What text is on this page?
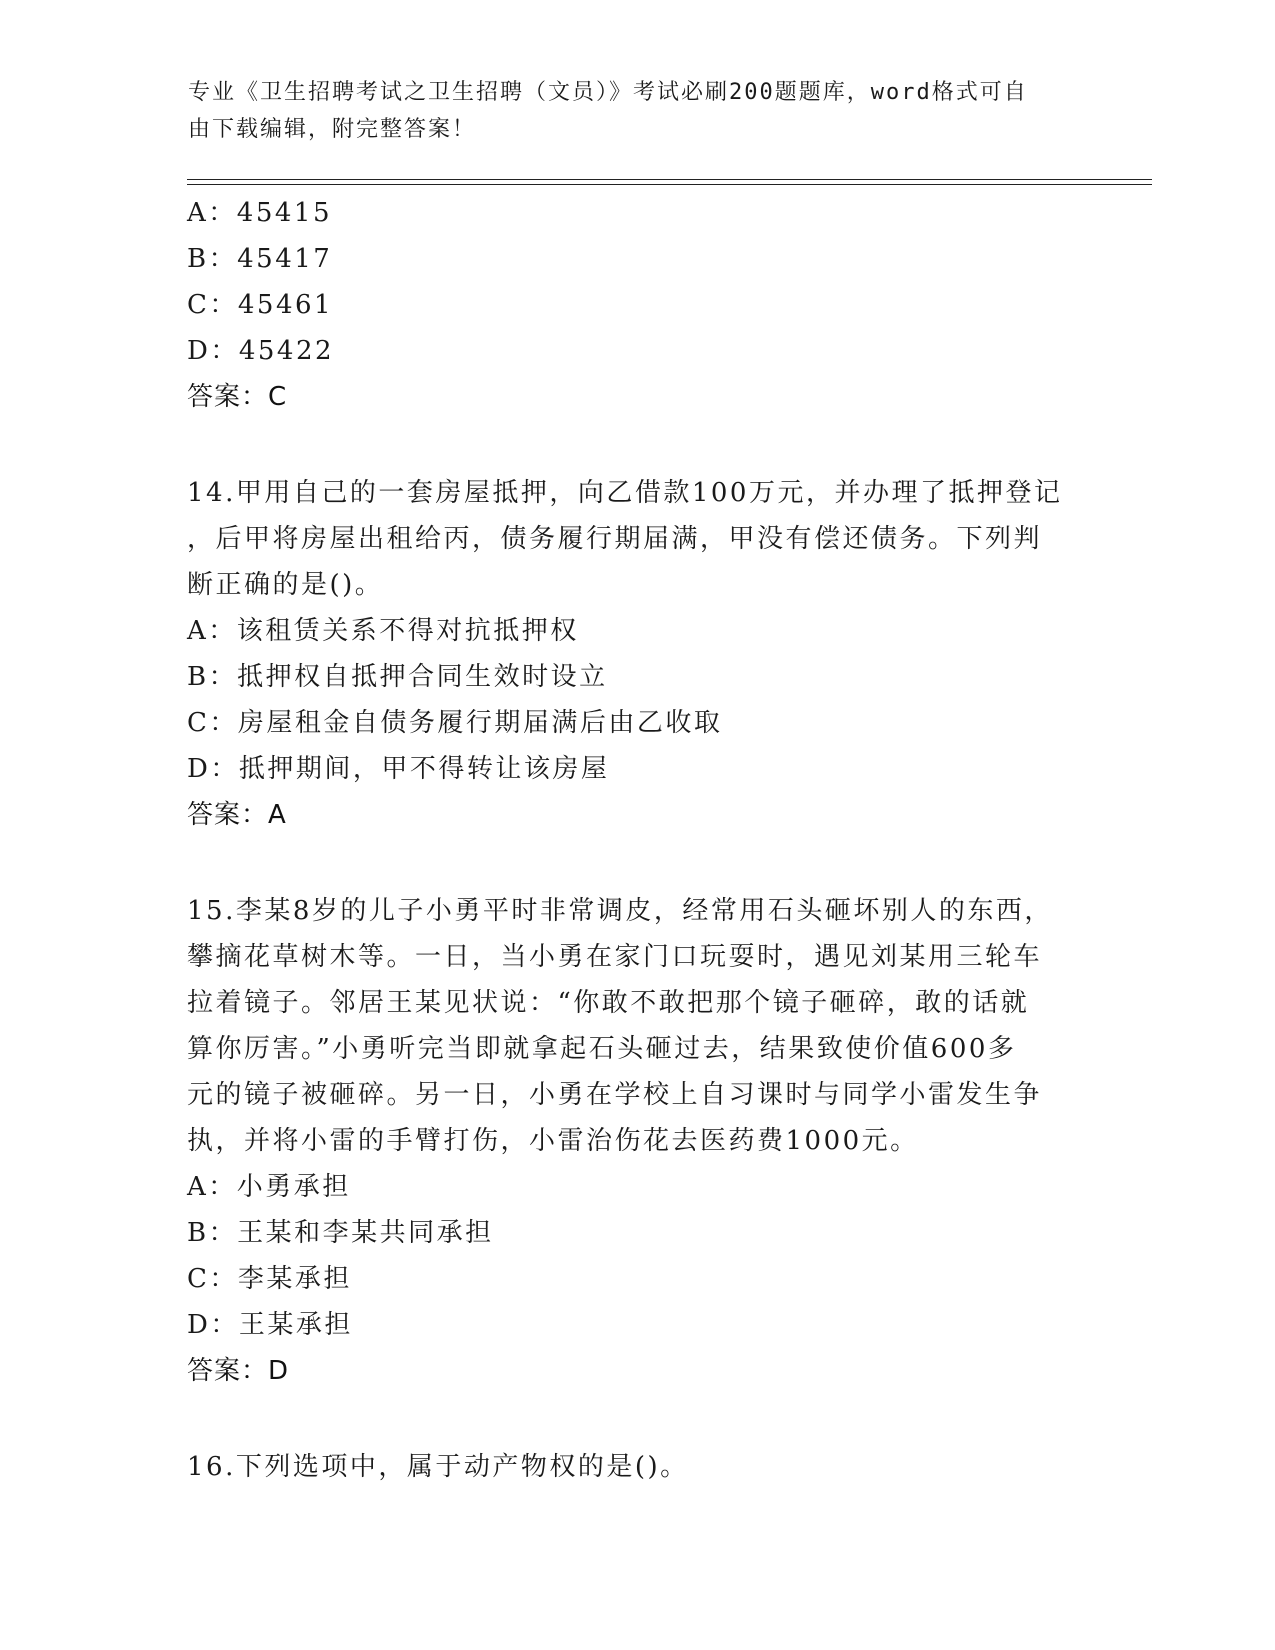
专业《卫生招聘考试之卫生招聘（文员）》考试必刷200题题库，word格式可自
由下载编辑，附完整答案！
A：45415
B：45417
C：45461
D：45422
答案：C
14.甲用自己的一套房屋抵押，向乙借款100万元，并办理了抵押登记
，后甲将房屋出租给丙，债务履行期届满，甲没有偿还债务。下列判
断正确的是()。
A：该租赁关系不得对抗抵押权
B：抵押权自抵押合同生效时设立
C：房屋租金自债务履行期届满后由乙收取
D：抵押期间，甲不得转让该房屋
答案：A
15.李某8岁的儿子小勇平时非常调皮，经常用石头砸坏别人的东西，
攀摘花草树木等。一日，当小勇在家门口玩耍时，遇见刘某用三轮车
拉着镜子。邻居王某见状说：“你敢不敢把那个镜子砸碎，敢的话就
算你厉害。”小勇听完当即就拿起石头砸过去，结果致使价值600多
元的镜子被砸碎。另一日，小勇在学校上自习课时与同学小雷发生争
执，并将小雷的手臂打伤，小雷治伤花去医药费1000元。
A：小勇承担
B：王某和李某共同承担
C：李某承担
D：王某承担
答案：D
16.下列选项中，属于动产物权的是()。
